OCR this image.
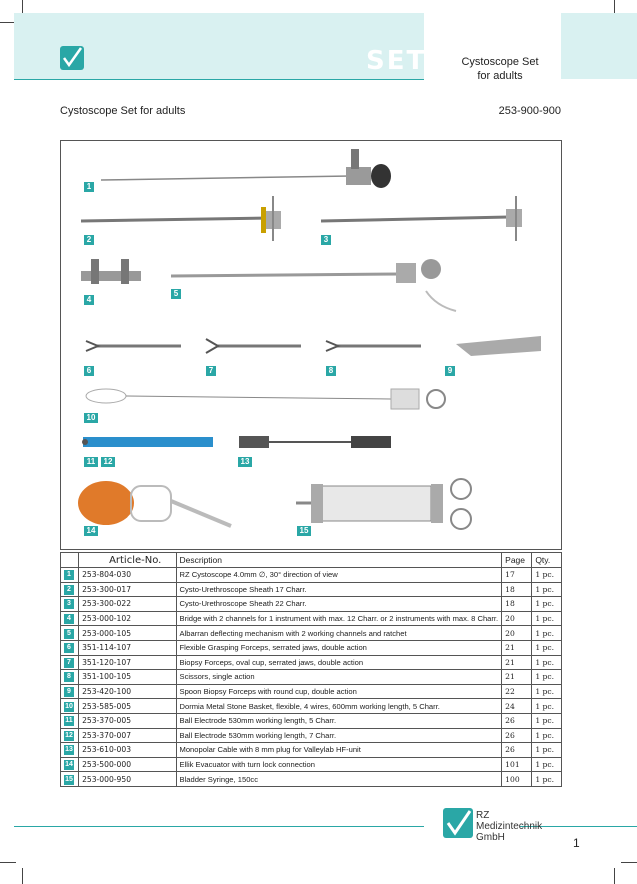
SETS	Cystoscope Set
for adults
Cystoscope Set for adults	253-900-900
1
2	3
4
5
6	7	8	9
10
11	12	13
14	15
	Article-No.	Description	Page	Qty.
1	253-804-030	RZ Cystoscope 4.0mm ∅, 30° direction of view	17	1 pc.
2	253-300-017	Cysto-Urethroscope Sheath 17 Charr.	18	1 pc.
3	253-300-022	Cysto-Urethroscope Sheath 22 Charr.	18	1 pc.
4	253-000-102	Bridge with 2 channels for 1 instrument with max. 12 Charr. or 2 instruments with max. 8 Charr.	20	1 pc.
5	253-000-105	Albarran deflecting mechanism with 2 working channels and ratchet	20	1 pc.
6	351-114-107	Flexible Grasping Forceps, serrated jaws, double action	21	1 pc.
7	351-120-107	Biopsy Forceps, oval cup, serrated jaws, double action	21	1 pc.
8	351-100-105	Scissors, single action	21	1 pc.
9	253-420-100	Spoon Biopsy Forceps with round cup, double action	22	1 pc.
10	253-585-005	Dormia Metal Stone Basket, flexible, 4 wires, 600mm working length, 5 Charr.	24	1 pc.
11	253-370-005	Ball Electrode 530mm working length, 5 Charr.	26	1 pc.
12	253-370-007	Ball Electrode 530mm working length, 7 Charr.	26	1 pc.
13	253-610-003	Monopolar Cable with 8 mm plug for Valleylab HF-unit	26	1 pc.
14	253-500-000	Ellik Evacuator with turn lock connection	101	1 pc.
15	253-000-950	Bladder Syringe, 150cc	100	1 pc.
RZ
Medizintechnik
GmbH	1
